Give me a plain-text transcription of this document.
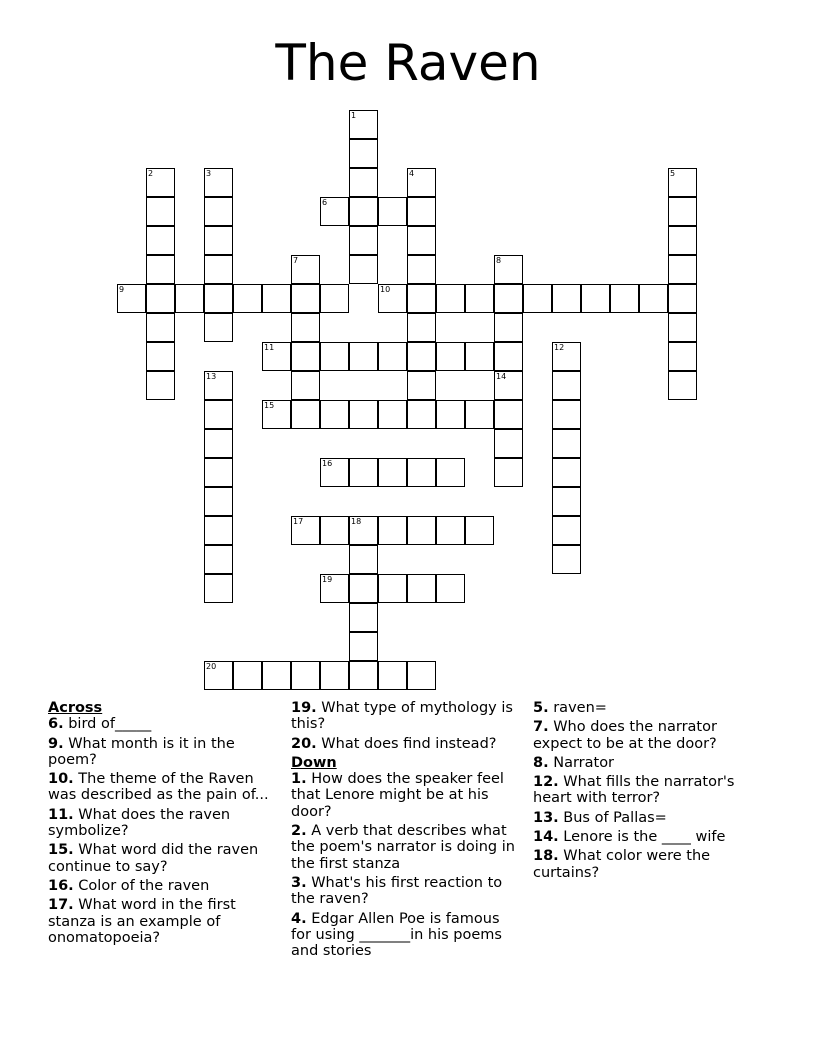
The Raven
1
2	3	4	5
6
7	8
9	10
11	12
13	14
15
16
17	18
19
20
Across
6. bird of_____
9. What month is it in the poem?
10. The theme of the Raven was described as the pain of...
11. What does the raven symbolize?
15. What word did the raven continue to say?
16. Color of the raven
17. What word in the first stanza is an example of onomatopoeia?
19. What type of mythology is this?
20. What does find instead?
Down
1. How does the speaker feel that Lenore might be at his door?
2. A verb that describes what the poem's narrator is doing in the first stanza
3. What's his first reaction to the raven?
4. Edgar Allen Poe is famous for using _______in his poems and stories
5. raven=
7. Who does the narrator expect to be at the door?
8. Narrator
12. What fills the narrator's heart with terror?
13. Bus of Pallas=
14. Lenore is the ____ wife
18. What color were the curtains?
